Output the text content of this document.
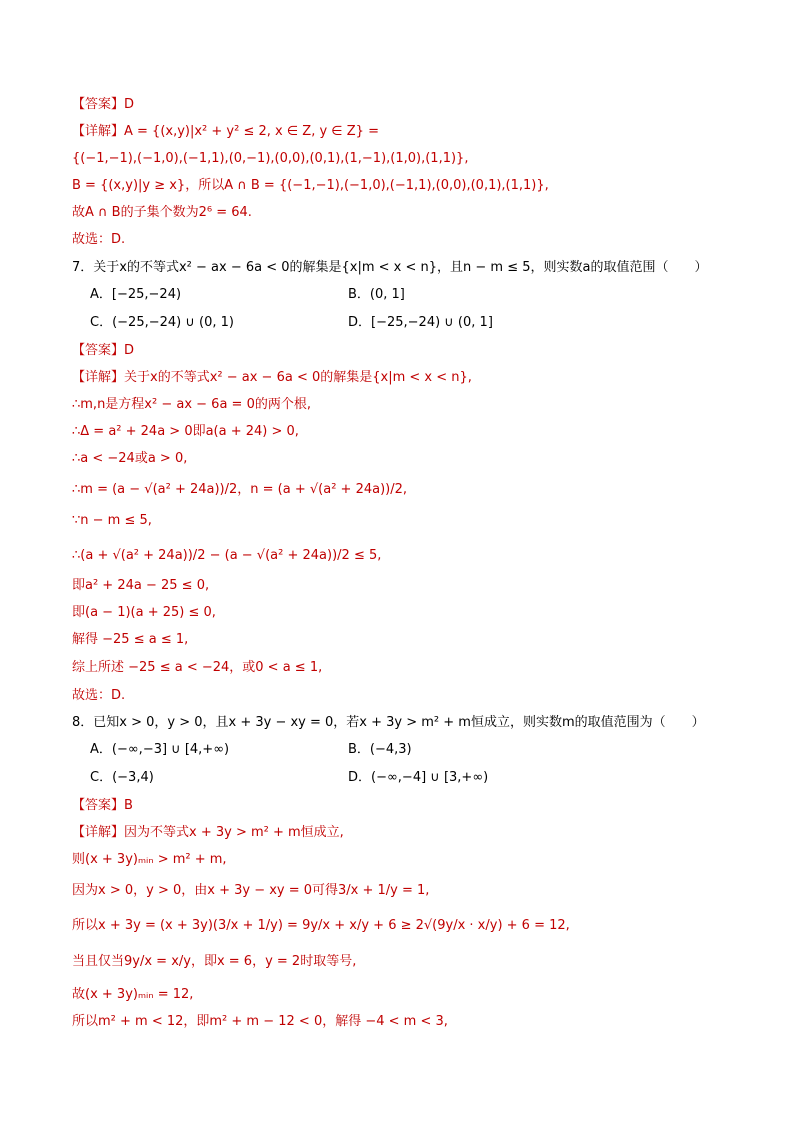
【答案】D
【详解】A = {(x,y)|x² + y² ≤ 2, x ∈ Z, y ∈ Z} =
{(−1,−1),(−1,0),(−1,1),(0,−1),(0,0),(0,1),(1,−1),(1,0),(1,1)},
B = {(x,y)|y ≥ x}，所以A ∩ B = {(−1,−1),(−1,0),(−1,1),(0,0),(0,1),(1,1)},
故A ∩ B的子集个数为2⁶ = 64.
故选：D.
7．关于x的不等式x² − ax − 6a < 0的解集是{x|m < x < n}，且n − m ≤ 5，则实数a的取值范围（　　）
【答案】D
【详解】关于x的不等式x² − ax − 6a < 0的解集是{x|m < x < n},
∴m,n是方程x² − ax − 6a = 0的两个根,
∴Δ = a² + 24a > 0即a(a + 24) > 0,
∴a < −24或a > 0,
∴m = (a − √(a² + 24a))/2，n = (a + √(a² + 24a))/2,
∵n − m ≤ 5,
∴(a + √(a² + 24a))/2 − (a − √(a² + 24a))/2 ≤ 5,
即a² + 24a − 25 ≤ 0,
即(a − 1)(a + 25) ≤ 0,
解得 −25 ≤ a ≤ 1,
综上所述 −25 ≤ a < −24，或0 < a ≤ 1,
故选：D.
8．已知x > 0，y > 0，且x + 3y − xy = 0，若x + 3y > m² + m恒成立，则实数m的取值范围为（　　）
【答案】B
【详解】因为不等式x + 3y > m² + m恒成立,
则(x + 3y)ₘᵢₙ > m² + m,
因为x > 0，y > 0，由x + 3y − xy = 0可得3/x + 1/y = 1,
所以x + 3y = (x + 3y)(3/x + 1/y) = 9y/x + x/y + 6 ≥ 2√(9y/x · x/y) + 6 = 12,
当且仅当9y/x = x/y，即x = 6，y = 2时取等号,
故(x + 3y)ₘᵢₙ = 12,
所以m² + m < 12，即m² + m − 12 < 0，解得 −4 < m < 3,
A．[−25,−24)	B．(0, 1]
C．(−25,−24) ∪ (0, 1)	D．[−25,−24) ∪ (0, 1]
A．(−∞,−3] ∪ [4,+∞)	B．(−4,3)
C．(−3,4)	D．(−∞,−4] ∪ [3,+∞)
